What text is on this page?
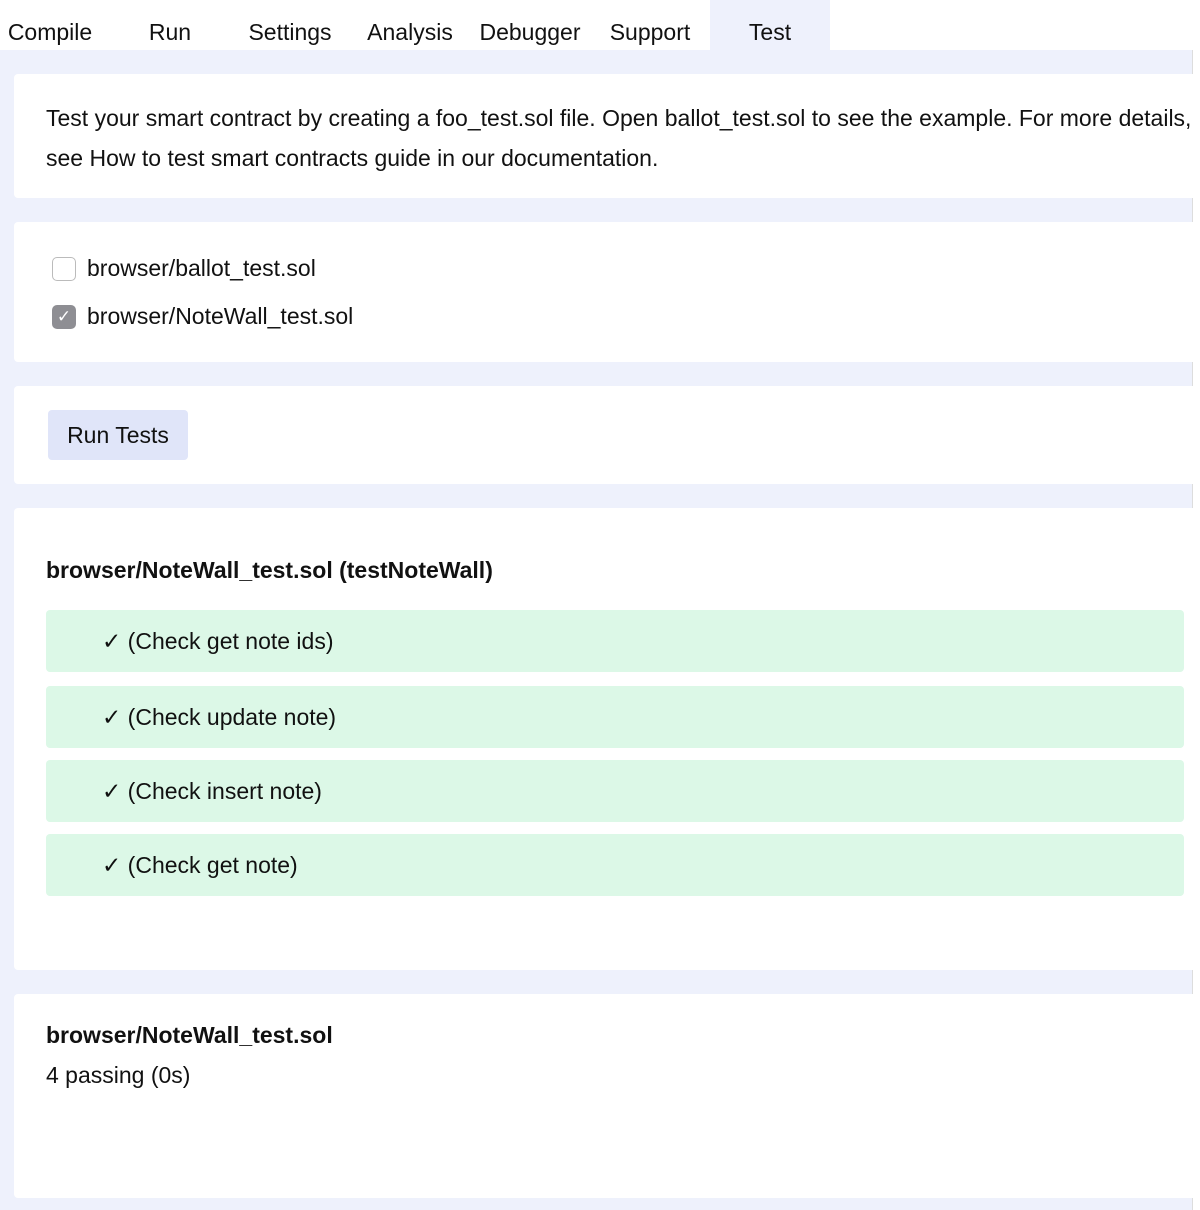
Compile	Run	Settings	Analysis	Debugger	Support	Test
Test your smart contract by creating a foo_test.sol file. Open ballot_test.sol to see the example. For more details, see How to test smart contracts guide in our documentation.
browser/ballot_test.sol
✓ browser/NoteWall_test.sol
Run Tests
browser/NoteWall_test.sol (testNoteWall)
✓ (Check get note ids)
✓ (Check update note)
✓ (Check insert note)
✓ (Check get note)
browser/NoteWall_test.sol
4 passing (0s)
